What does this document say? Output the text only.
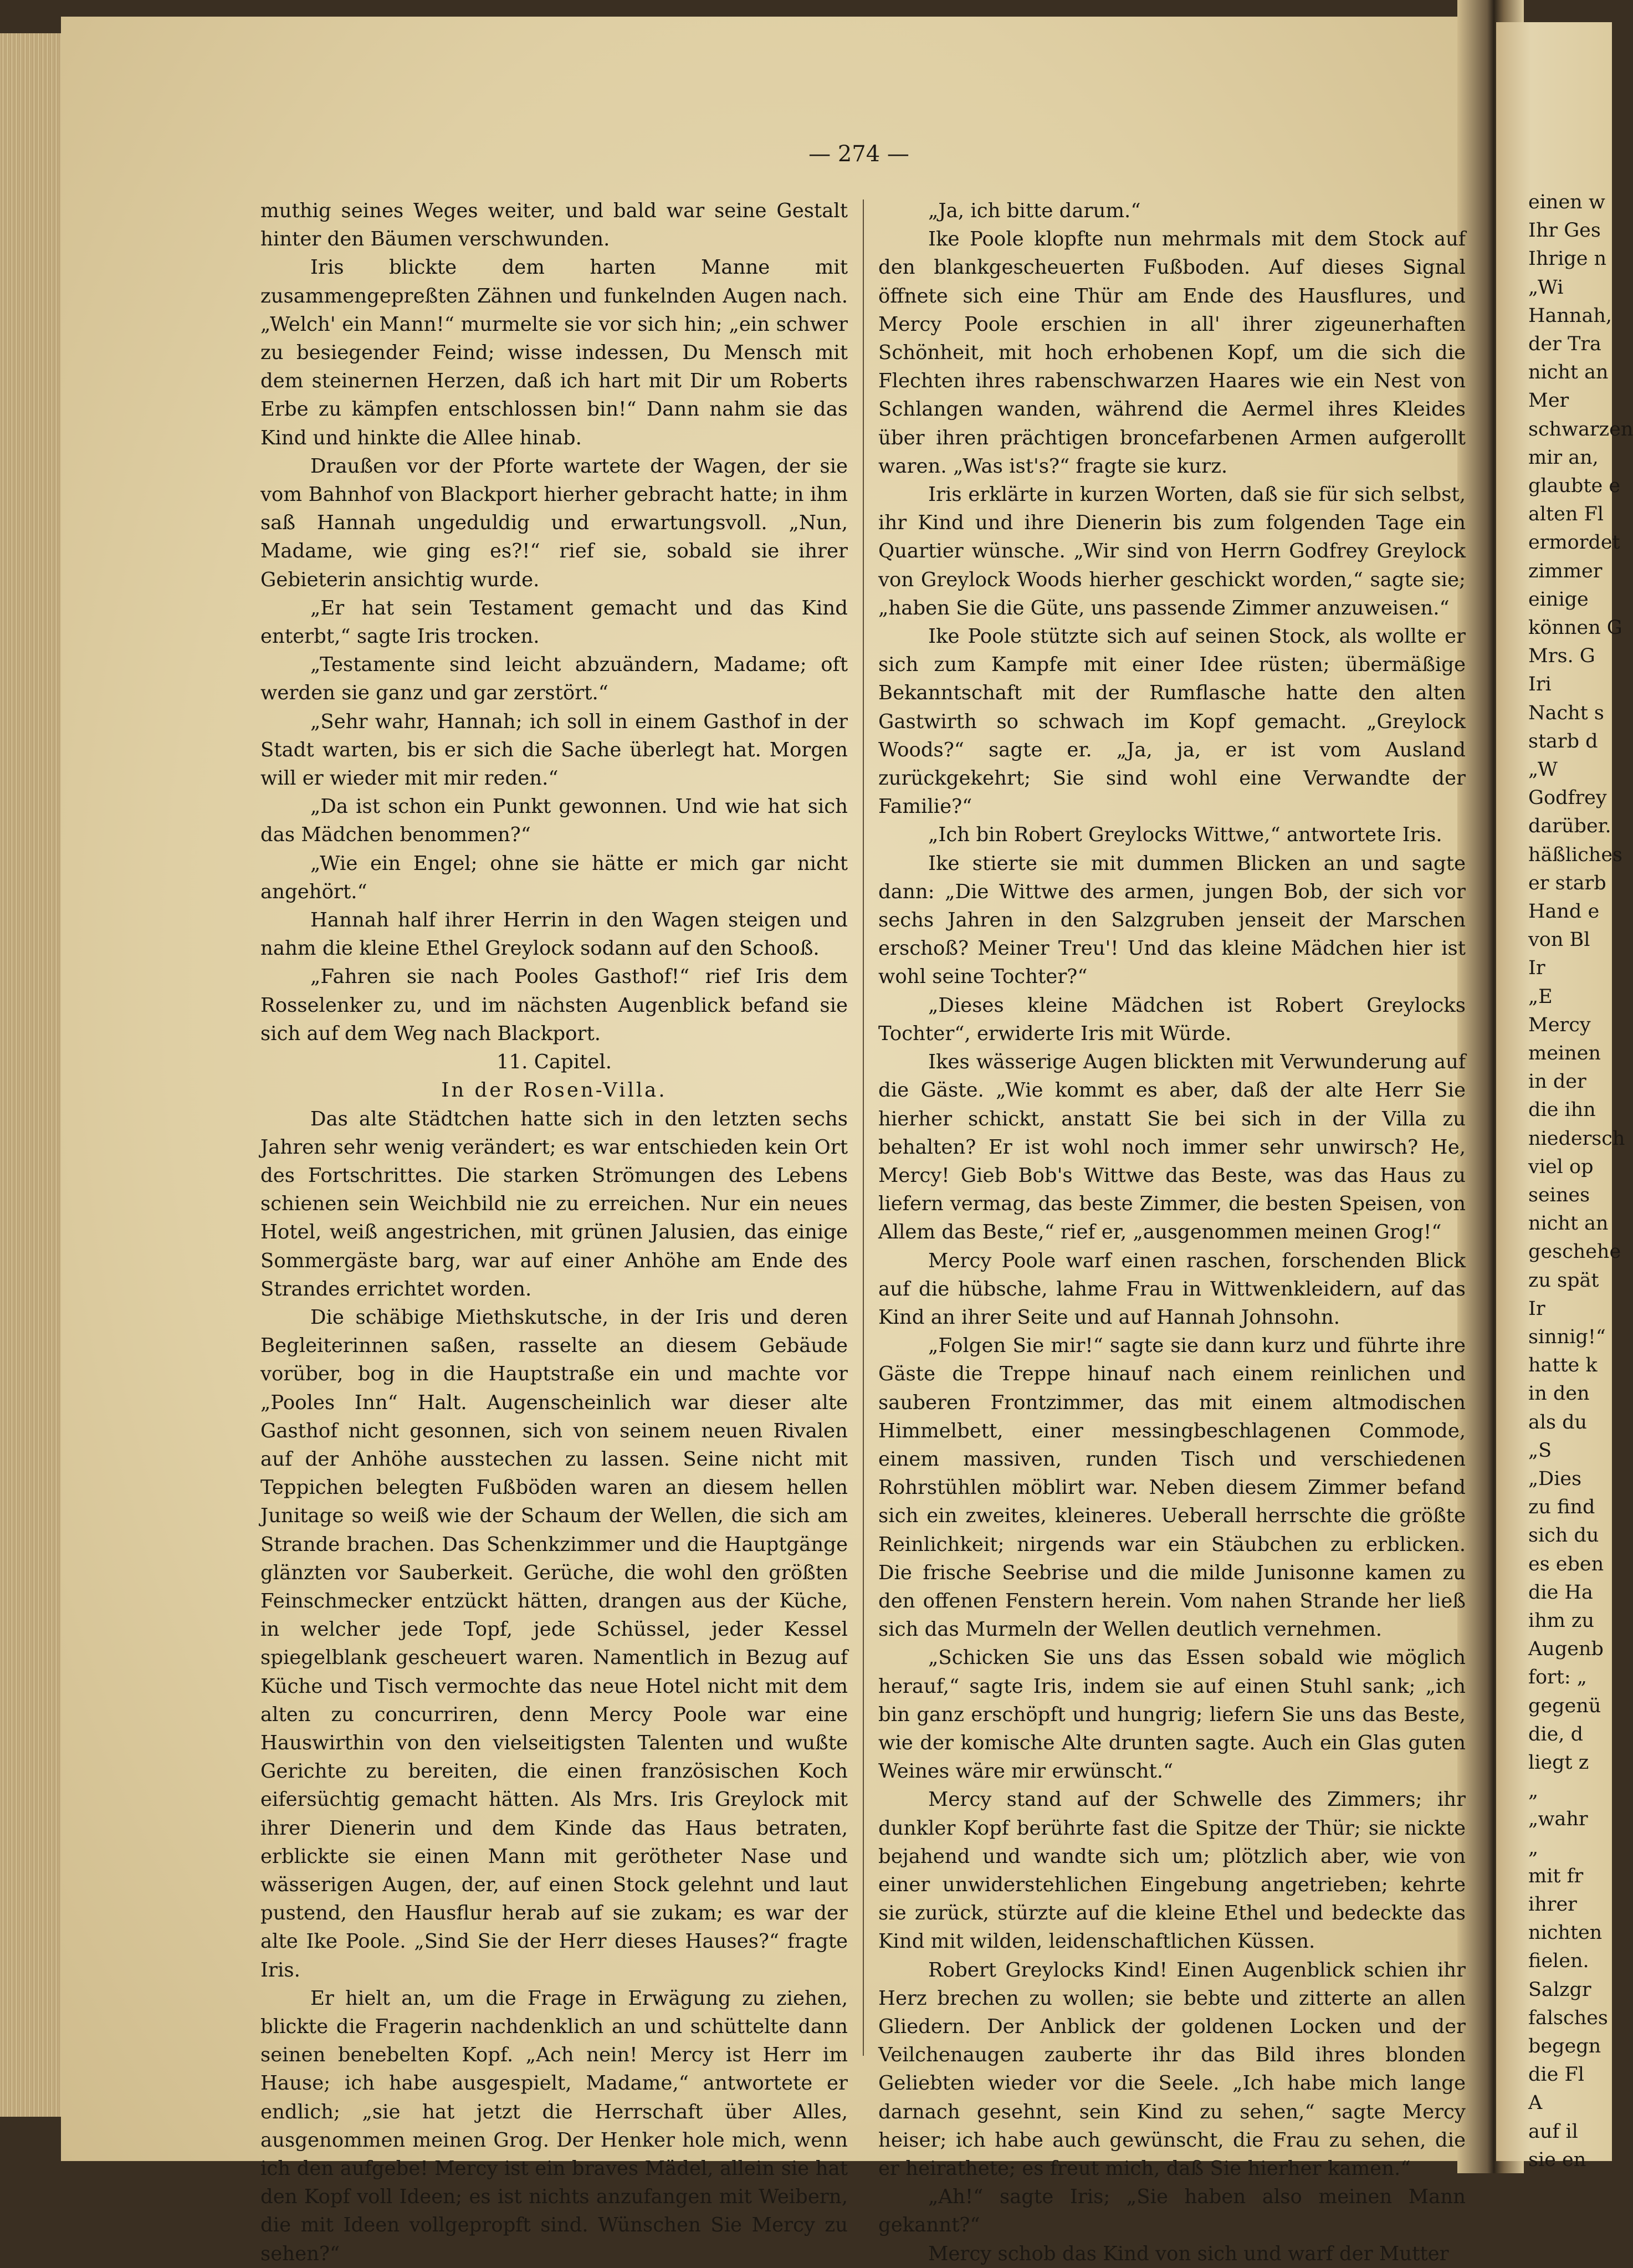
einen w
Ihr Ges
Ihrige n
„Wi
Hannah,
der Tra
nicht an
Mer
schwarzen
mir an,
glaubte e
alten Fl
ermordet
zimmer
einige
können G
Mrs. G
Iri
Nacht s
starb d
„W
Godfrey
darüber.
häßliches
er starb
Hand e
von Bl
Ir
„E
Mercy
meinen
in der
die ihn
niedersch
viel op
seines
nicht an
geschehe
zu spät
Ir
sinnig!“
hatte k
in den
als du
„S
„Dies
zu find
sich du
es eben
die Ha
ihm zu
Augenb
fort: „
gegenü
die, d
liegt z
„
„wahr
„
mit fr
ihrer
nichten
fielen.
Salzgr
falsches
begegn
die Fl
A
auf il
sie en
— 274 —

muthig seines Weges weiter, und bald war seine Gestalt hinter den Bäumen verschwunden.

Iris blickte dem harten Manne mit zusammengepreßten Zähnen und funkelnden Augen nach. „Welch' ein Mann!“ murmelte sie vor sich hin; „ein schwer zu besiegender Feind; wisse indessen, Du Mensch mit dem steinernen Herzen, daß ich hart mit Dir um Roberts Erbe zu kämpfen entschlossen bin!“ Dann nahm sie das Kind und hinkte die Allee hinab.

Draußen vor der Pforte wartete der Wagen, der sie vom Bahnhof von Blackport hierher gebracht hatte; in ihm saß Hannah ungeduldig und erwartungsvoll. „Nun, Madame, wie ging es?!“ rief sie, sobald sie ihrer Gebieterin ansichtig wurde.

„Er hat sein Testament gemacht und das Kind enterbt,“ sagte Iris trocken.

„Testamente sind leicht abzuändern, Madame; oft werden sie ganz und gar zerstört.“

„Sehr wahr, Hannah; ich soll in einem Gasthof in der Stadt warten, bis er sich die Sache überlegt hat. Morgen will er wieder mit mir reden.“

„Da ist schon ein Punkt gewonnen. Und wie hat sich das Mädchen benommen?“

„Wie ein Engel; ohne sie hätte er mich gar nicht angehört.“

Hannah half ihrer Herrin in den Wagen steigen und nahm die kleine Ethel Greylock sodann auf den Schooß.

„Fahren sie nach Pooles Gasthof!“ rief Iris dem Rosselenker zu, und im nächsten Augenblick befand sie sich auf dem Weg nach Blackport.

11. Capitel.

In der Rosen-Villa.

Das alte Städtchen hatte sich in den letzten sechs Jahren sehr wenig verändert; es war entschieden kein Ort des Fortschrittes. Die starken Strömungen des Lebens schienen sein Weichbild nie zu erreichen. Nur ein neues Hotel, weiß angestrichen, mit grünen Jalusien, das einige Sommergäste barg, war auf einer Anhöhe am Ende des Strandes errichtet worden.

Die schäbige Miethskutsche, in der Iris und deren Begleiterinnen saßen, rasselte an diesem Gebäude vorüber, bog in die Hauptstraße ein und machte vor „Pooles Inn“ Halt. Augenscheinlich war dieser alte Gasthof nicht gesonnen, sich von seinem neuen Rivalen auf der Anhöhe ausstechen zu lassen. Seine nicht mit Teppichen belegten Fußböden waren an diesem hellen Junitage so weiß wie der Schaum der Wellen, die sich am Strande brachen. Das Schenkzimmer und die Hauptgänge glänzten vor Sauberkeit. Gerüche, die wohl den größten Feinschmecker entzückt hätten, drangen aus der Küche, in welcher jede Topf, jede Schüssel, jeder Kessel spiegelblank gescheuert waren. Namentlich in Bezug auf Küche und Tisch vermochte das neue Hotel nicht mit dem alten zu concurriren, denn Mercy Poole war eine Hauswirthin von den vielseitigsten Talenten und wußte Gerichte zu bereiten, die einen französischen Koch eifersüchtig gemacht hätten. Als Mrs. Iris Greylock mit ihrer Dienerin und dem Kinde das Haus betraten, erblickte sie einen Mann mit gerötheter Nase und wässerigen Augen, der, auf einen Stock gelehnt und laut pustend, den Hausflur herab auf sie zukam; es war der alte Ike Poole. „Sind Sie der Herr dieses Hauses?“ fragte Iris.

Er hielt an, um die Frage in Erwägung zu ziehen, blickte die Fragerin nachdenklich an und schüttelte dann seinen benebelten Kopf. „Ach nein! Mercy ist Herr im Hause; ich habe ausgespielt, Madame,“ antwortete er endlich; „sie hat jetzt die Herrschaft über Alles, ausgenommen meinen Grog. Der Henker hole mich, wenn ich den aufgebe! Mercy ist ein braves Mädel, allein sie hat den Kopf voll Ideen; es ist nichts anzufangen mit Weibern, die mit Ideen vollgepropft sind. Wünschen Sie Mercy zu sehen?“

„Ja, ich bitte darum.“

Ike Poole klopfte nun mehrmals mit dem Stock auf den blankgescheuerten Fußboden. Auf dieses Signal öffnete sich eine Thür am Ende des Hausflures, und Mercy Poole erschien in all' ihrer zigeunerhaften Schönheit, mit hoch erhobenen Kopf, um die sich die Flechten ihres rabenschwarzen Haares wie ein Nest von Schlangen wanden, während die Aermel ihres Kleides über ihren prächtigen broncefarbenen Armen aufgerollt waren. „Was ist's?“ fragte sie kurz.

Iris erklärte in kurzen Worten, daß sie für sich selbst, ihr Kind und ihre Dienerin bis zum folgenden Tage ein Quartier wünsche. „Wir sind von Herrn Godfrey Greylock von Greylock Woods hierher geschickt worden,“ sagte sie; „haben Sie die Güte, uns passende Zimmer anzuweisen.“

Ike Poole stützte sich auf seinen Stock, als wollte er sich zum Kampfe mit einer Idee rüsten; übermäßige Bekanntschaft mit der Rumflasche hatte den alten Gastwirth so schwach im Kopf gemacht. „Greylock Woods?“ sagte er. „Ja, ja, er ist vom Ausland zurückgekehrt; Sie sind wohl eine Verwandte der Familie?“

„Ich bin Robert Greylocks Wittwe,“ antwortete Iris.

Ike stierte sie mit dummen Blicken an und sagte dann: „Die Wittwe des armen, jungen Bob, der sich vor sechs Jahren in den Salzgruben jenseit der Marschen erschoß? Meiner Treu'! Und das kleine Mädchen hier ist wohl seine Tochter?“

„Dieses kleine Mädchen ist Robert Greylocks Tochter“, erwiderte Iris mit Würde.

Ikes wässerige Augen blickten mit Verwunderung auf die Gäste. „Wie kommt es aber, daß der alte Herr Sie hierher schickt, anstatt Sie bei sich in der Villa zu behalten? Er ist wohl noch immer sehr unwirsch? He, Mercy! Gieb Bob's Wittwe das Beste, was das Haus zu liefern vermag, das beste Zimmer, die besten Speisen, von Allem das Beste,“ rief er, „ausgenommen meinen Grog!“

Mercy Poole warf einen raschen, forschenden Blick auf die hübsche, lahme Frau in Wittwenkleidern, auf das Kind an ihrer Seite und auf Hannah Johnsohn.

„Folgen Sie mir!“ sagte sie dann kurz und führte ihre Gäste die Treppe hinauf nach einem reinlichen und sauberen Frontzimmer, das mit einem altmodischen Himmelbett, einer messingbeschlagenen Commode, einem massiven, runden Tisch und verschiedenen Rohrstühlen möblirt war. Neben diesem Zimmer befand sich ein zweites, kleineres. Ueberall herrschte die größte Reinlichkeit; nirgends war ein Stäubchen zu erblicken. Die frische Seebrise und die milde Junisonne kamen zu den offenen Fenstern herein. Vom nahen Strande her ließ sich das Murmeln der Wellen deutlich vernehmen.

„Schicken Sie uns das Essen sobald wie möglich herauf,“ sagte Iris, indem sie auf einen Stuhl sank; „ich bin ganz erschöpft und hungrig; liefern Sie uns das Beste, wie der komische Alte drunten sagte. Auch ein Glas guten Weines wäre mir erwünscht.“

Mercy stand auf der Schwelle des Zimmers; ihr dunkler Kopf berührte fast die Spitze der Thür; sie nickte bejahend und wandte sich um; plötzlich aber, wie von einer unwiderstehlichen Eingebung angetrieben; kehrte sie zurück, stürzte auf die kleine Ethel und bedeckte das Kind mit wilden, leidenschaftlichen Küssen.

Robert Greylocks Kind! Einen Augenblick schien ihr Herz brechen zu wollen; sie bebte und zitterte an allen Gliedern. Der Anblick der goldenen Locken und der Veilchenaugen zauberte ihr das Bild ihres blonden Geliebten wieder vor die Seele. „Ich habe mich lange darnach gesehnt, sein Kind zu sehen,“ sagte Mercy heiser; ich habe auch gewünscht, die Frau zu sehen, die er heirathete; es freut mich, daß Sie hierher kamen.“

„Ah!“ sagte Iris; „Sie haben also meinen Mann gekannt?“

Mercy schob das Kind von sich und warf der Mutter
